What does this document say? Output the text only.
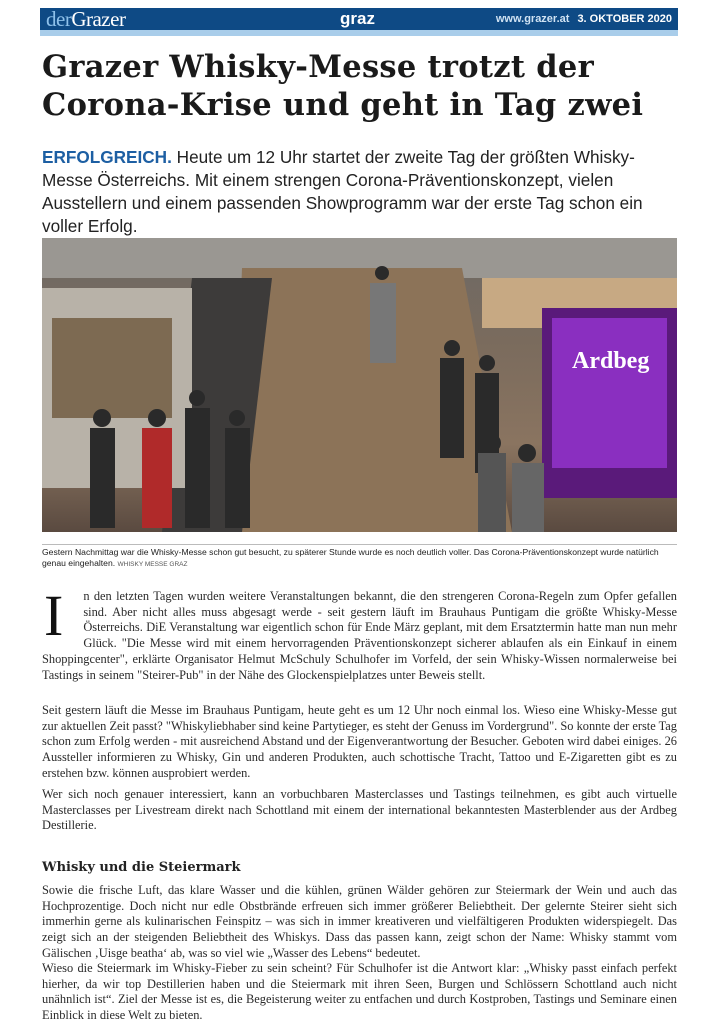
derGrazer	graz	www.grazer.at 3. OKTOBER 2020
Grazer Whisky-Messe trotzt der Corona-Krise und geht in Tag zwei

ERFOLGREICH. Heute um 12 Uhr startet der zweite Tag der größten Whisky-Messe Österreichs. Mit einem strengen Corona-Präventionskonzept, vielen Ausstellern und einem passenden Showprogramm war der erste Tag schon ein voller Erfolg.

Ardbeg

Gestern Nachmittag war die Whisky-Messe schon gut besucht, zu späterer Stunde wurde es noch deutlich voller. Das Corona-Präventionskonzept wurde natürlich genau eingehalten. WHISKY MESSE GRAZ

I n den letzten Tagen wurden weitere Veranstaltungen bekannt, die den strengeren Corona-Regeln zum Opfer gefallen sind. Aber nicht alles muss abgesagt werde - seit gestern läuft im Brauhaus Puntigam die größte Whisky-Messe Österreichs. DiE Veranstaltung war eigentlich schon für Ende März geplant, mit dem Ersatztermin hatte man nun mehr Glück. "Die Messe wird mit einem hervorragenden Präventionskonzept sicherer ablaufen als ein Einkauf in einem Shoppingcenter", erklärte Organisator Helmut McSchuly Schulhofer im Vorfeld, der sein Whisky-Wissen normalerweise bei Tastings in seinem "Steirer-Pub" in der Nähe des Glockenspielplatzes unter Beweis stellt.

Seit gestern läuft die Messe im Brauhaus Puntigam, heute geht es um 12 Uhr noch einmal los. Wieso eine Whisky-Messe gut zur aktuellen Zeit passt? "Whiskyliebhaber sind keine Partytieger, es steht der Genuss im Vordergrund". So konnte der erste Tag schon zum Erfolg werden - mit ausreichend Abstand und der Eigenverantwortung der Besucher. Geboten wird dabei einiges. 26 Aussteller informieren zu Whisky, Gin und anderen Produkten, auch schottische Tracht, Tattoo und E-Zigaretten gibt es zu erstehen bzw. können ausprobiert werden.

Wer sich noch genauer interessiert, kann an vorbuchbaren Masterclasses und Tastings teilnehmen, es gibt auch virtuelle Masterclasses per Livestream direkt nach Schottland mit einem der international bekanntesten Masterblender aus der Ardbeg Destillerie.

Whisky und die Steiermark

Sowie die frische Luft, das klare Wasser und die kühlen, grünen Wälder gehören zur Steiermark der Wein und auch das Hochprozentige. Doch nicht nur edle Obstbrände erfreuen sich immer größerer Beliebtheit. Der gelernte Steirer sieht sich immerhin gerne als kulinarischen Feinspitz – was sich in immer kreativeren und vielfältigeren Produkten widerspiegelt. Das zeigt sich an der steigenden Beliebtheit des Whiskys. Dass das passen kann, zeigt schon der Name: Whisky stammt vom Gälischen ‚Uisge beatha‘ ab, was so viel wie „Wasser des Lebens“ bedeutet.

Wieso die Steiermark im Whisky-Fieber zu sein scheint? Für Schulhofer ist die Antwort klar: „Whisky passt einfach perfekt hierher, da wir top Destillerien haben und die Steiermark mit ihren Seen, Burgen und Schlössern Schottland auch nicht unähnlich ist“. Ziel der Messe ist es, die Begeisterung weiter zu entfachen und durch Kostproben, Tastings und Seminare einen Einblick in diese Welt zu bieten.
